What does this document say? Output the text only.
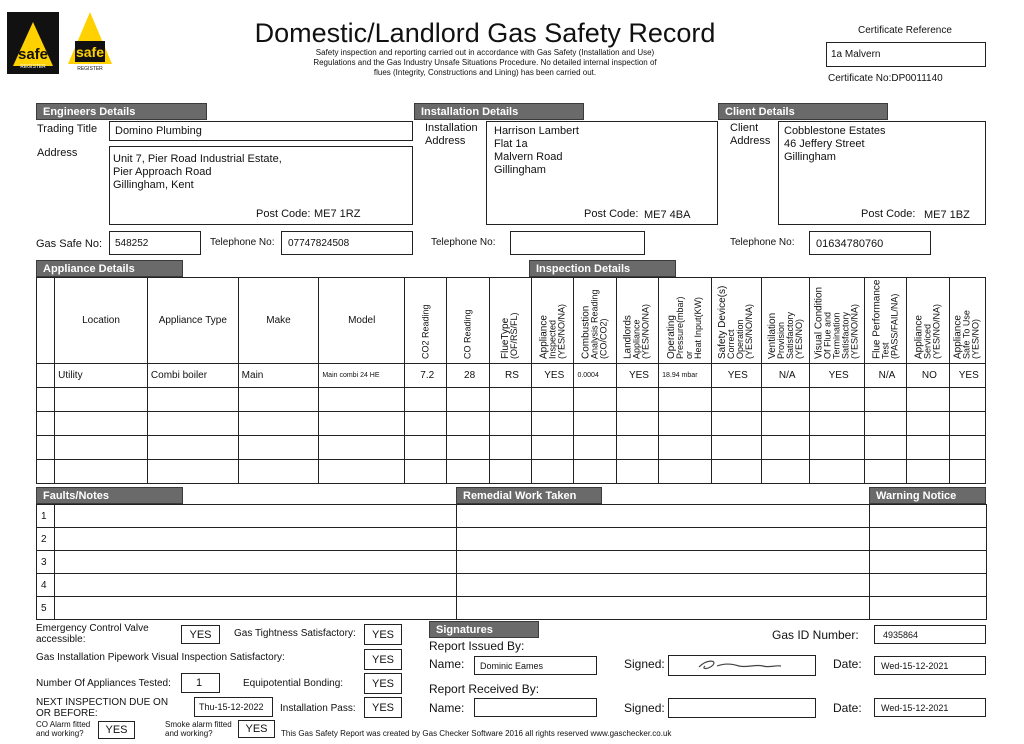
safe
REGISTER
safe
REGISTER
Domestic/Landlord Gas Safety Record
Safety inspection and reporting carried out in accordance with Gas Safety (Installation and Use)
Regulations and the Gas Industry Unsafe Situations Procedure. No detailed internal inspection of
flues (Integrity, Constructions and Lining) has been carried out.
Certificate Reference
1a Malvern
Certificate No:DP0011140
Engineers Details	Installation Details	Client Details
Trading Title Domino Plumbing
Address	Unit 7, Pier Road Industrial Estate,
Pier Approach Road
Gillingham, Kent
Post Code: ME7 1RZ
Gas Safe No: 548252	Telephone No: 07747824508
Installation
Address
Harrison Lambert
Flat 1a
Malvern Road
Gillingham
Post Code: ME7 4BA
Telephone No:
Client
Address
Cobblestone Estates
46 Jeffery Street
Gillingham
Post Code: ME7 1BZ
Telephone No: 01634780760
Appliance Details	Inspection Details
	Location	Appliance Type	Make	Model	CO2 Reading	CO Reading	FlueType
(OF/RS/FL)	Appliance
Inspected
(YES/NO/NA)	Combustion
Analysis Reading
(CO/CO2)	Landlords
Appliance
(YES/NO/NA)	Operating
Pressure(mbar)
or
Heat Input(KW)	Safety Device(s)
Correct
Operation
(YES/NO/NA)	Ventilation
Provision
Satisfactory
(YES/NO)	Visual Condition
Of Flue and
Termination
Satisfactory
(YES/NO/NA)	Flue Performance
Test
(PASS/FAIL/NA)	Appliance
Serviced
(YES/NO/NA)	Appliance
Safe To Use
(YES/NO)

	Utility	Combi boiler	Main	Main combi 24 HE	7.2	28	RS	YES	0.0004	YES	18.94 mbar	YES	N/A	YES	N/A	NO	YES

Faults/Notes	Remedial Work Taken	Warning Notice Fixed
1			
2			
3			
4			
5			
Emergency Control Valve
accessible:	YES	Gas Tightness Satisfactory:	YES
Gas Installation Pipework Visual Inspection Satisfactory:	YES
Number Of Appliances Tested: 1	Equipotential Bonding:	YES
NEXT INSPECTION DUE ON
OR BEFORE:
Thu-15-12-2022 Installation Pass:	YES
CO Alarm fitted
and working?	YES	Smoke alarm fitted
and working?	YES	This Gas Safety Report was created by Gas Checker Software 2016 all rights reserved www.gaschecker.co.uk
Signatures
Report Issued By:
Name: Dominic Eames	Signed:	Date: Wed-15-12-2021
Gas ID Number:	4935864
Report Received By:
Name:	Signed:	Date: Wed-15-12-2021
